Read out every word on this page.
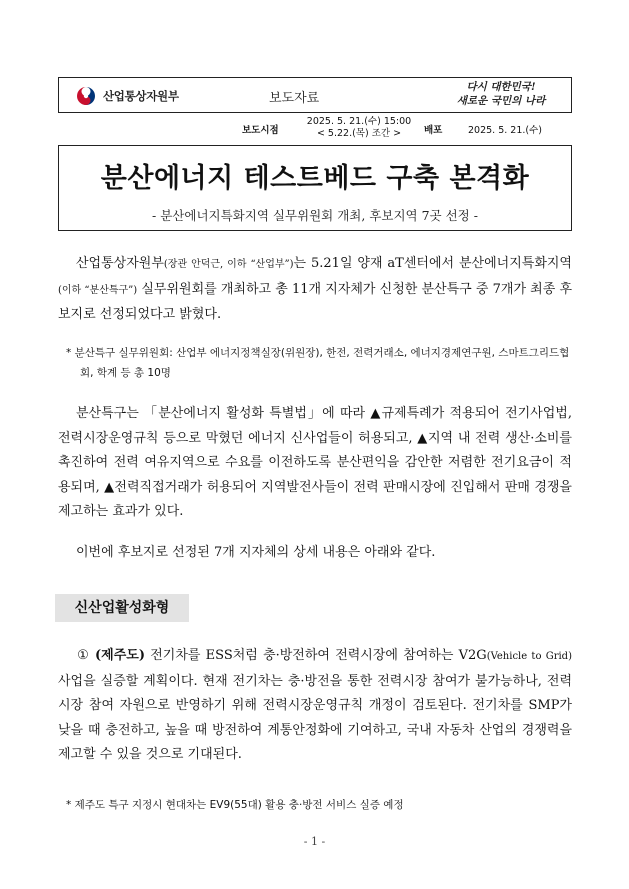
산업통상자원부	보도자료
다시 대한민국!
새로운 국민의 나라
보도시점
2025. 5. 21.(수) 15:00
< 5.22.(목) 조간 >	배포	2025. 5. 21.(수)
분산에너지 테스트베드 구축 본격화
- 분산에너지특화지역 실무위원회 개최, 후보지역 7곳 선정 -
산업통상자원부(장관 안덕근, 이하 “산업부”)는 5.21일 양재 aT센터에서 분산에너지특화지역(이하 “분산특구”) 실무위원회를 개최하고 총 11개 지자체가 신청한 분산특구 중 7개가 최종 후보지로 선정되었다고 밝혔다.
* 분산특구 실무위원회: 산업부 에너지정책실장(위원장), 한전, 전력거래소, 에너지경제연구원, 스마트그리드협회, 학계 등 총 10명
분산특구는 「분산에너지 활성화 특별법」에 따라 ▲규제특례가 적용되어 전기사업법, 전력시장운영규칙 등으로 막혔던 에너지 신사업들이 허용되고, ▲지역 내 전력 생산·소비를 촉진하여 전력 여유지역으로 수요를 이전하도록 분산편익을 감안한 저렴한 전기요금이 적용되며, ▲전력직접거래가 허용되어 지역발전사들이 전력 판매시장에 진입해서 판매 경쟁을 제고하는 효과가 있다.
이번에 후보지로 선정된 7개 지자체의 상세 내용은 아래와 같다.
신산업활성화형
① (제주도) 전기차를 ESS처럼 충·방전하여 전력시장에 참여하는 V2G(Vehicle to Grid) 사업을 실증할 계획이다. 현재 전기차는 충·방전을 통한 전력시장 참여가 불가능하나, 전력시장 참여 자원으로 반영하기 위해 전력시장운영규칙 개정이 검토된다. 전기차를 SMP가 낮을 때 충전하고, 높을 때 방전하여 계통안정화에 기여하고, 국내 자동차 산업의 경쟁력을 제고할 수 있을 것으로 기대된다.
* 제주도 특구 지정시 현대차는 EV9(55대) 활용 충·방전 서비스 실증 예정
- 1 -
